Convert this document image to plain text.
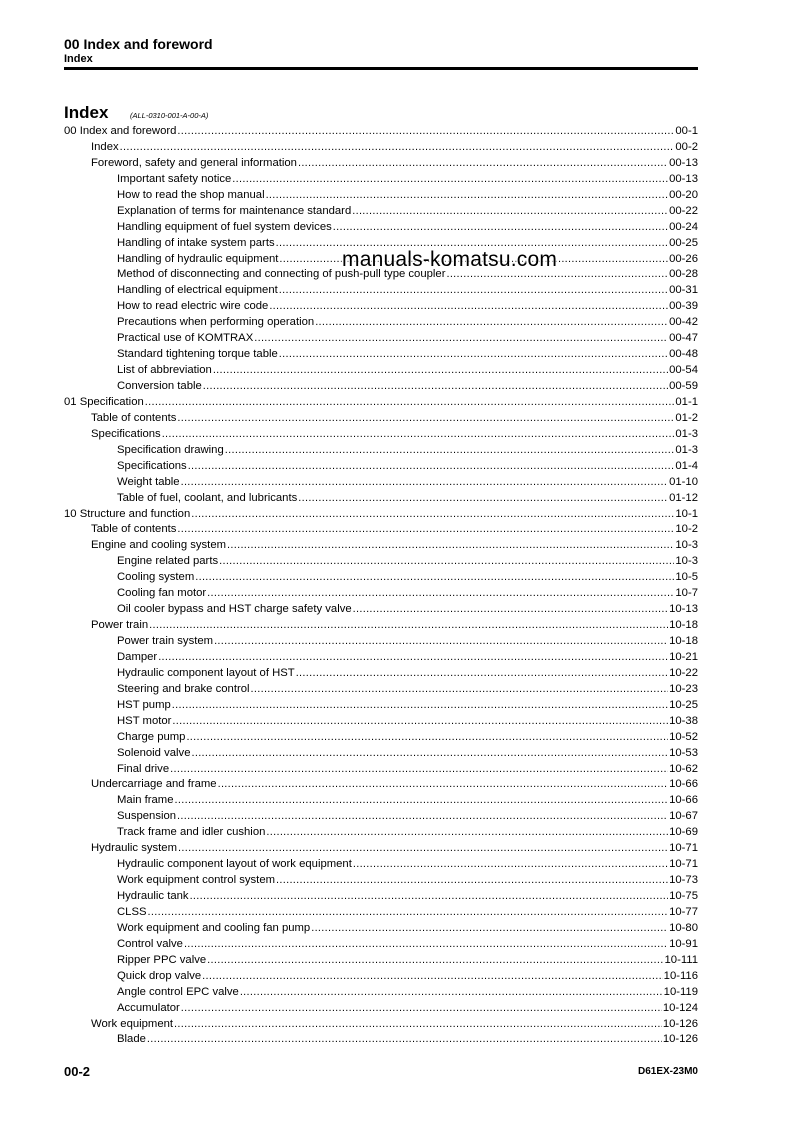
00 Index and foreword
Index
Index	(ALL-0310-001-A-00-A)
00 Index and foreword .....	00-1
Index .....	00-2
Foreword, safety and general information .....	00-13
Important safety notice .....	00-13
How to read the shop manual .....	00-20
Explanation of terms for maintenance standard .....	00-22
Handling equipment of fuel system devices .....	00-24
Handling of intake system parts .....	00-25
Handling of hydraulic equipment .....	00-26
Method of disconnecting and connecting of push-pull type coupler .....	00-28
Handling of electrical equipment .....	00-31
How to read electric wire code .....	00-39
Precautions when performing operation .....	00-42
Practical use of KOMTRAX .....	00-47
Standard tightening torque table .....	00-48
List of abbreviation .....	00-54
Conversion table .....	00-59
01 Specification .....	01-1
Table of contents .....	01-2
Specifications .....	01-3
Specification drawing .....	01-3
Specifications .....	01-4
Weight table .....	01-10
Table of fuel, coolant, and lubricants .....	01-12
10 Structure and function .....	10-1
Table of contents .....	10-2
Engine and cooling system .....	10-3
Engine related parts .....	10-3
Cooling system .....	10-5
Cooling fan motor .....	10-7
Oil cooler bypass and HST charge safety valve .....	10-13
Power train .....	10-18
Power train system .....	10-18
Damper .....	10-21
Hydraulic component layout of HST .....	10-22
Steering and brake control .....	10-23
HST pump .....	10-25
HST motor .....	10-38
Charge pump .....	10-52
Solenoid valve .....	10-53
Final drive .....	10-62
Undercarriage and frame .....	10-66
Main frame .....	10-66
Suspension .....	10-67
Track frame and idler cushion .....	10-69
Hydraulic system .....	10-71
Hydraulic component layout of work equipment .....	10-71
Work equipment control system .....	10-73
Hydraulic tank .....	10-75
CLSS .....	10-77
Work equipment and cooling fan pump .....	10-80
Control valve .....	10-91
Ripper PPC valve .....	10-111
Quick drop valve .....	10-116
Angle control EPC valve .....	10-119
Accumulator .....	10-124
Work equipment .....	10-126
Blade .....	10-126
manuals-komatsu.com
00-2	D61EX-23M0
